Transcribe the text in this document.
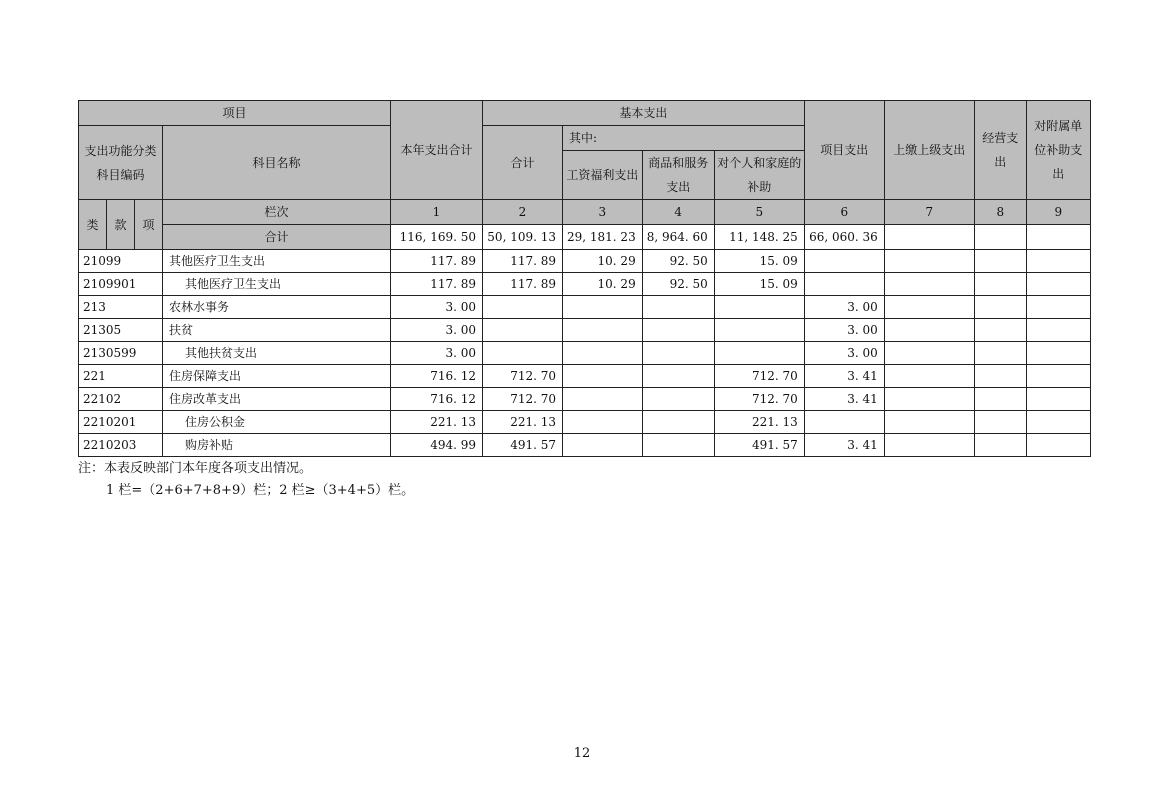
项目				本年支出合计	基本支出				项目支出	上缴上级支出	经营支出	对附属单位补助支出
支出功能分类科目编码			科目名称		合计	其中:						
						工资福利支出	商品和服务支出	对个人和家庭的补助				
类	款	项	栏次	1	2	3	4	5	6	7	8	9
			合计	116, 169. 50	50, 109. 13	29, 181. 23	8, 964. 60	11, 148. 25	66, 060. 36			
21099			其他医疗卫生支出	117. 89	117. 89	10. 29	92. 50	15. 09				
2109901			其他医疗卫生支出	117. 89	117. 89	10. 29	92. 50	15. 09				
213			农林水事务	3. 00					3. 00			
21305			扶贫	3. 00					3. 00			
2130599			其他扶贫支出	3. 00					3. 00			
221			住房保障支出	716. 12	712. 70			712. 70	3. 41			
22102			住房改革支出	716. 12	712. 70			712. 70	3. 41			
2210201			住房公积金	221. 13	221. 13			221. 13				
2210203			购房补贴	494. 99	491. 57			491. 57	3. 41			
注：本表反映部门本年度各项支出情况。
1 栏=（2+6+7+8+9）栏；2 栏≥（3+4+5）栏。
12
